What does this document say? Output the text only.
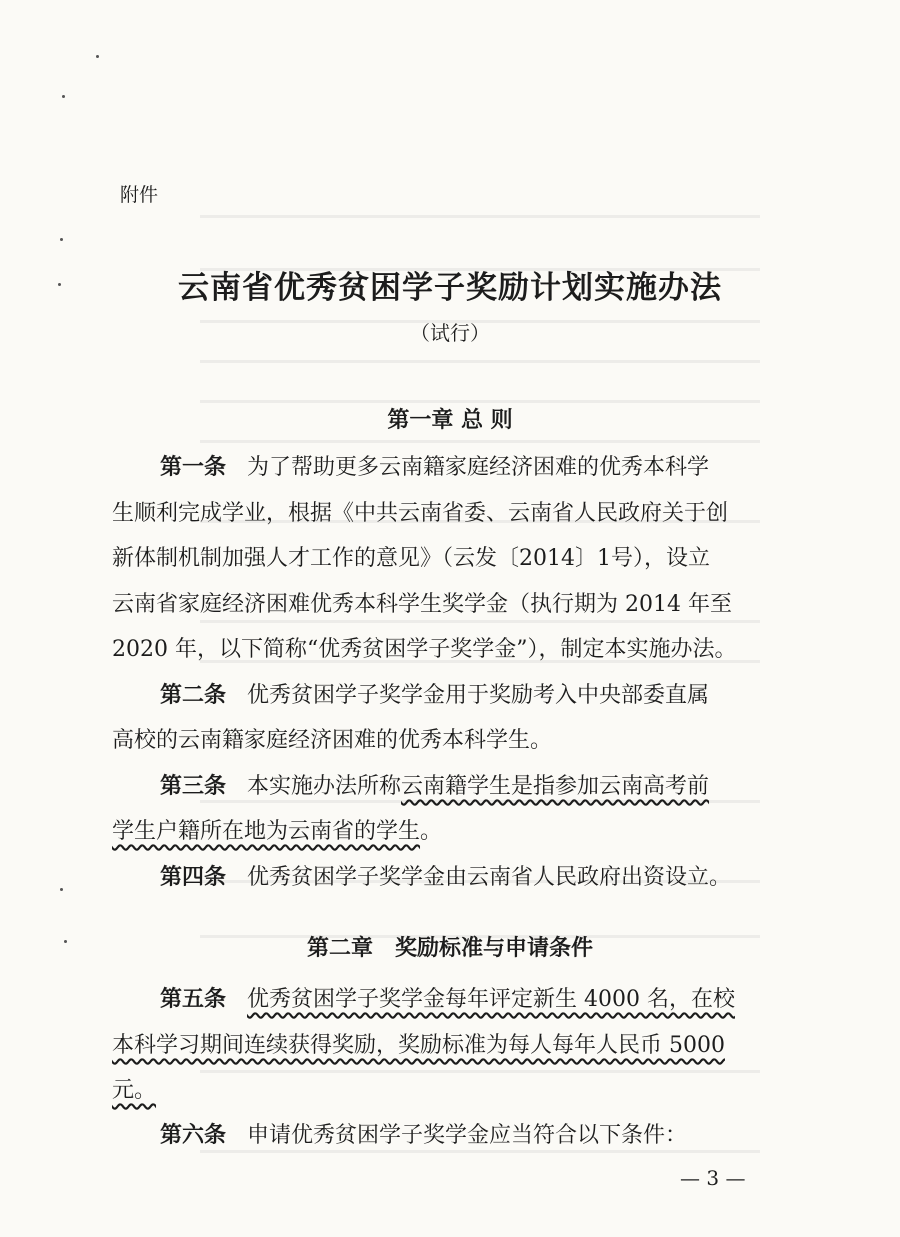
附件
云南省优秀贫困学子奖励计划实施办法
（试行）
第一章 总 则
第一条 为了帮助更多云南籍家庭经济困难的优秀本科学
生顺利完成学业，根据《中共云南省委、云南省人民政府关于创
新体制机制加强人才工作的意见》（云发〔2014〕1号），设立
云南省家庭经济困难优秀本科学生奖学金（执行期为 2014 年至
2020 年，以下简称“优秀贫困学子奖学金”），制定本实施办法。
第二条 优秀贫困学子奖学金用于奖励考入中央部委直属
高校的云南籍家庭经济困难的优秀本科学生。
第三条 本实施办法所称云南籍学生是指参加云南高考前
学生户籍所在地为云南省的学生。
第四条 优秀贫困学子奖学金由云南省人民政府出资设立。
第二章　奖励标准与申请条件
第五条 优秀贫困学子奖学金每年评定新生 4000 名，在校
本科学习期间连续获得奖励，奖励标准为每人每年人民币 5000
元。
第六条 申请优秀贫困学子奖学金应当符合以下条件：
— 3 —
